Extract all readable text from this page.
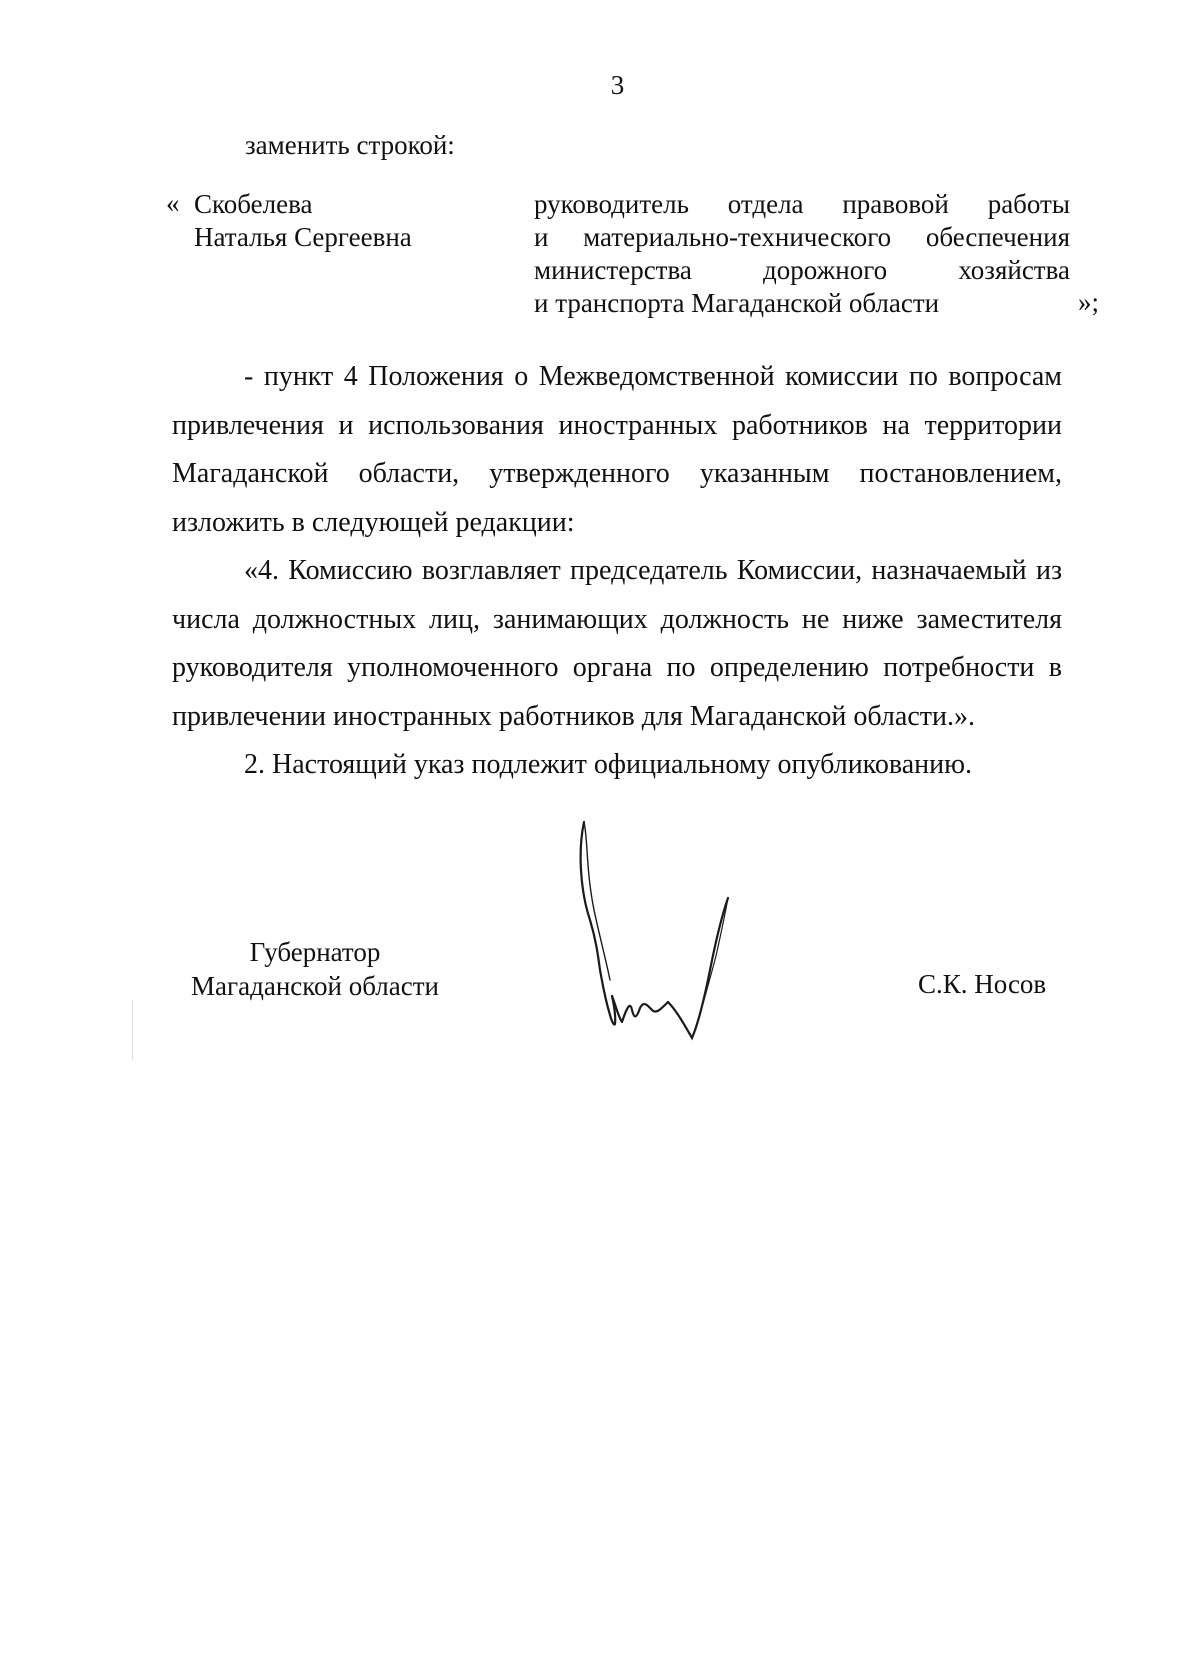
3
заменить строкой:
« Скобелева
Наталья Сергеевна
руководитель отдела правовой работы
и материально-технического обеспечения
министерства дорожного хозяйства
и транспорта Магаданской области	»;

- пункт 4 Положения о Межведомственной комиссии по вопросам привлечения и использования иностранных работников на территории Магаданской области, утвержденного указанным постановлением, изложить в следующей редакции:

«4. Комиссию возглавляет председатель Комиссии, назначаемый из числа должностных лиц, занимающих должность не ниже заместителя руководителя уполномоченного органа по определению потребности в привлечении иностранных работников для Магаданской области.».

2. Настоящий указ подлежит официальному опубликованию.

Губернатор
Магаданской области	С.К. Носов
